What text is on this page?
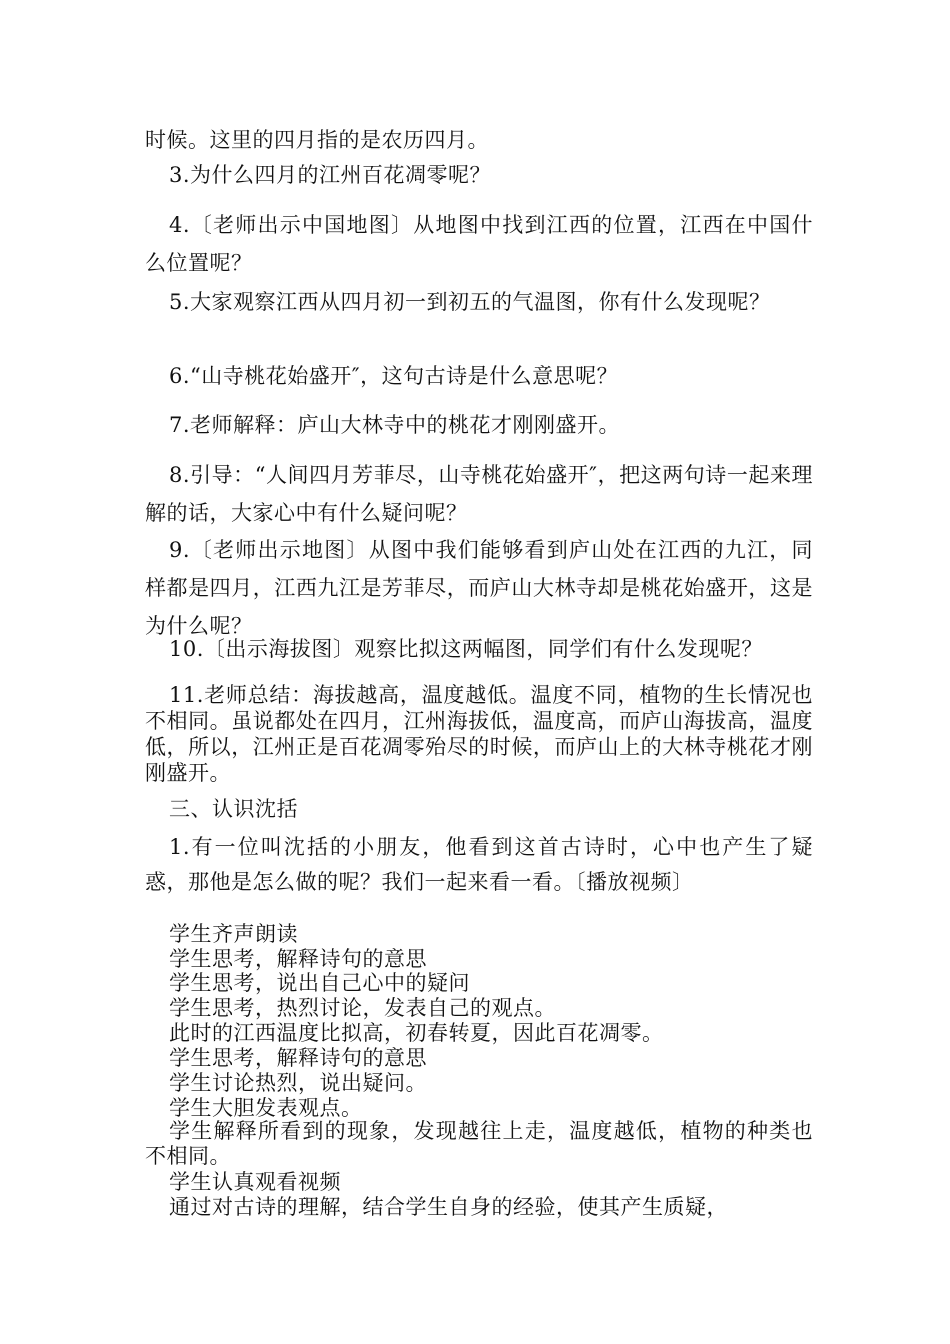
时候。这里的四月指的是农历四月。

3.为什么四月的江州百花凋零呢？

4.〔老师出示中国地图〕从地图中找到江西的位置，江西在中国什么位置呢？

5.大家观察江西从四月初一到初五的气温图，你有什么发现呢？

6.“山寺桃花始盛开″，这句古诗是什么意思呢？

7.老师解释：庐山大林寺中的桃花才刚刚盛开。

8.引导：“人间四月芳菲尽，山寺桃花始盛开″，把这两句诗一起来理解的话，大家心中有什么疑问呢？

9.〔老师出示地图〕从图中我们能够看到庐山处在江西的九江，同样都是四月，江西九江是芳菲尽，而庐山大林寺却是桃花始盛开，这是为什么呢？

10.〔出示海拔图〕观察比拟这两幅图，同学们有什么发现呢？

11.老师总结：海拔越高，温度越低。温度不同，植物的生长情况也不相同。虽说都处在四月，江州海拔低，温度高，而庐山海拔高，温度低，所以，江州正是百花凋零殆尽的时候，而庐山上的大林寺桃花才刚刚盛开。

三、认识沈括

1.有一位叫沈括的小朋友，他看到这首古诗时，心中也产生了疑惑，那他是怎么做的呢？我们一起来看一看。〔播放视频〕

学生齐声朗读

学生思考，解释诗句的意思

学生思考，说出自己心中的疑问

学生思考，热烈讨论，发表自己的观点。

此时的江西温度比拟高，初春转夏，因此百花凋零。

学生思考，解释诗句的意思

学生讨论热烈，说出疑问。

学生大胆发表观点。

学生解释所看到的现象，发现越往上走，温度越低，植物的种类也不相同。

学生认真观看视频

通过对古诗的理解，结合学生自身的经验，使其产生质疑，
